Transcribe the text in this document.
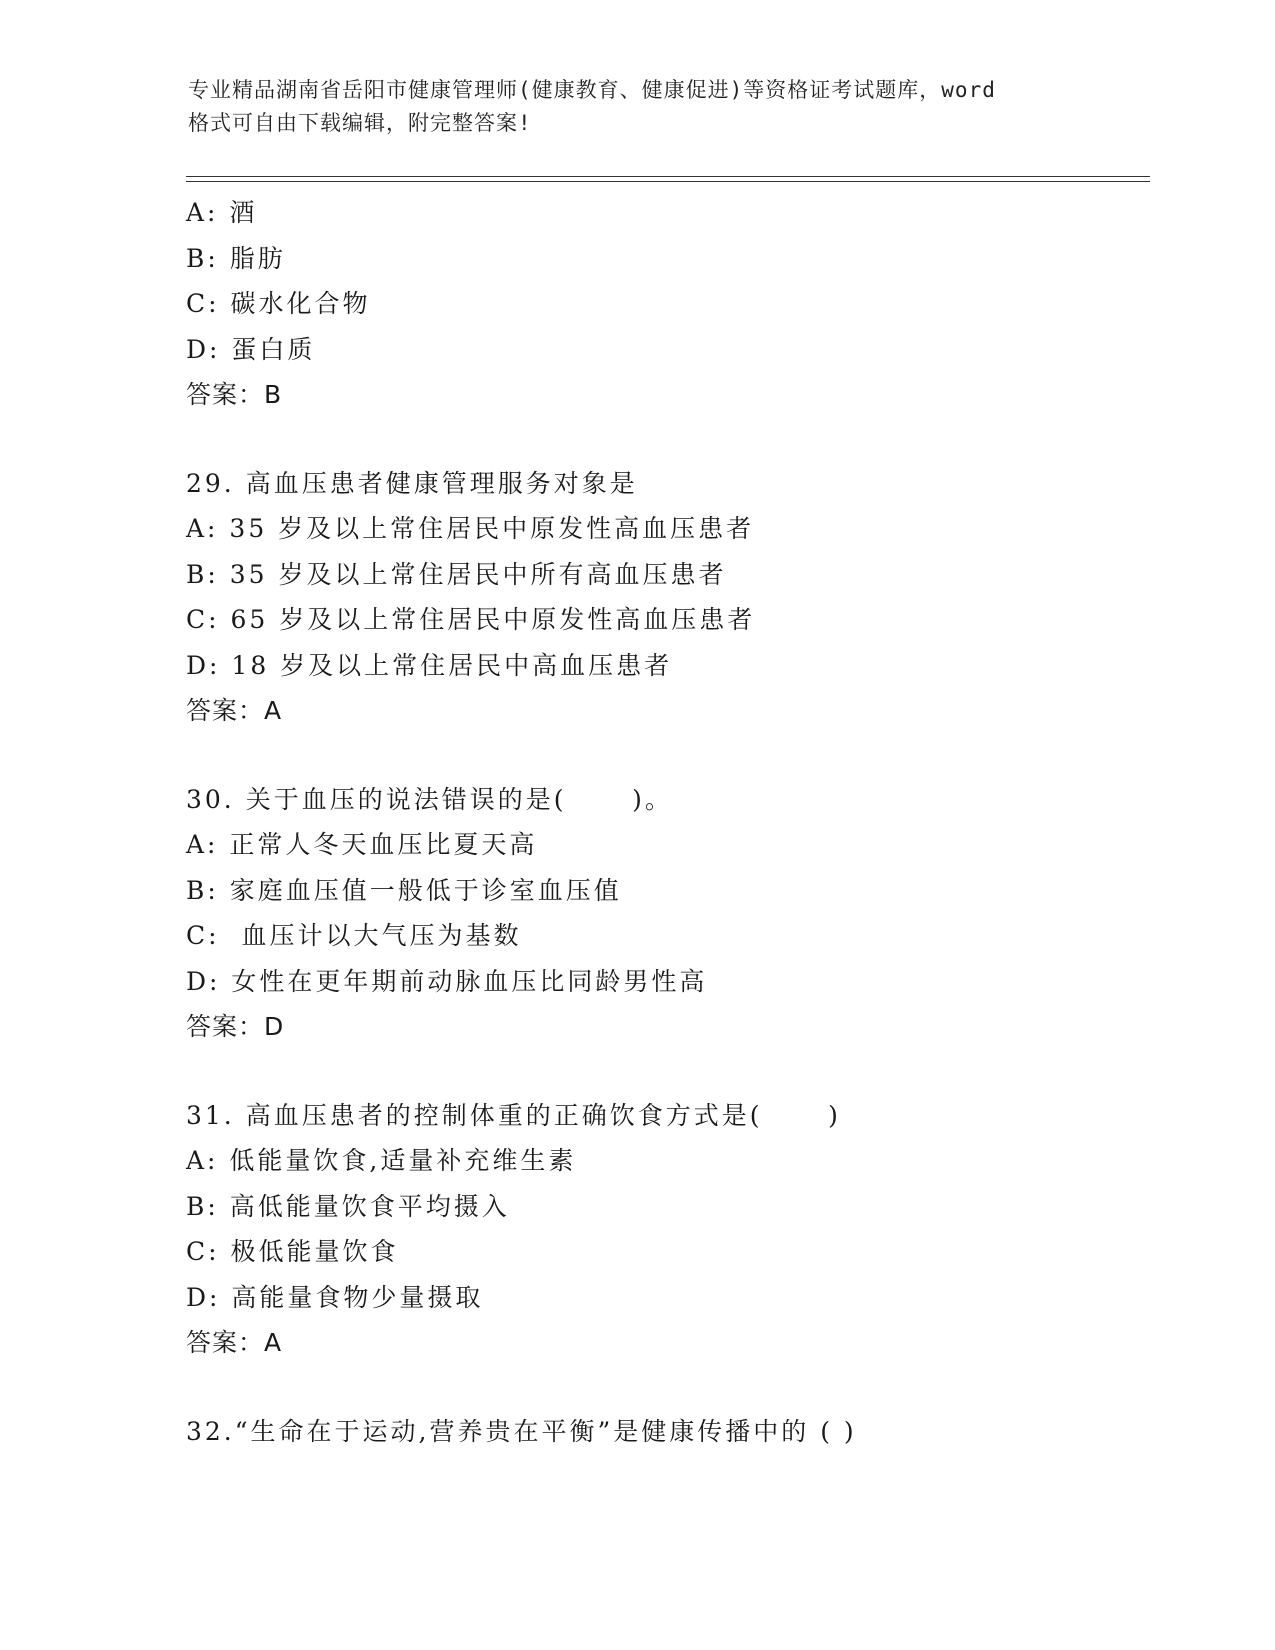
专业精品湖南省岳阳市健康管理师(健康教育、健康促进)等资格证考试题库，word
格式可自由下载编辑，附完整答案!
A: 酒
B: 脂肪
C: 碳水化合物
D: 蛋白质
答案：B
29. 高血压患者健康管理服务对象是
A: 35 岁及以上常住居民中原发性高血压患者
B: 35 岁及以上常住居民中所有高血压患者
C: 65 岁及以上常住居民中原发性高血压患者
D: 18 岁及以上常住居民中高血压患者
答案：A
30. 关于血压的说法错误的是(      )。
A: 正常人冬天血压比夏天高
B: 家庭血压值一般低于诊室血压值
C:  血压计以大气压为基数
D: 女性在更年期前动脉血压比同龄男性高
答案：D
31. 高血压患者的控制体重的正确饮食方式是(      )
A: 低能量饮食,适量补充维生素
B: 高低能量饮食平均摄入
C: 极低能量饮食
D: 高能量食物少量摄取
答案：A
32.“生命在于运动,营养贵在平衡”是健康传播中的 ( )
